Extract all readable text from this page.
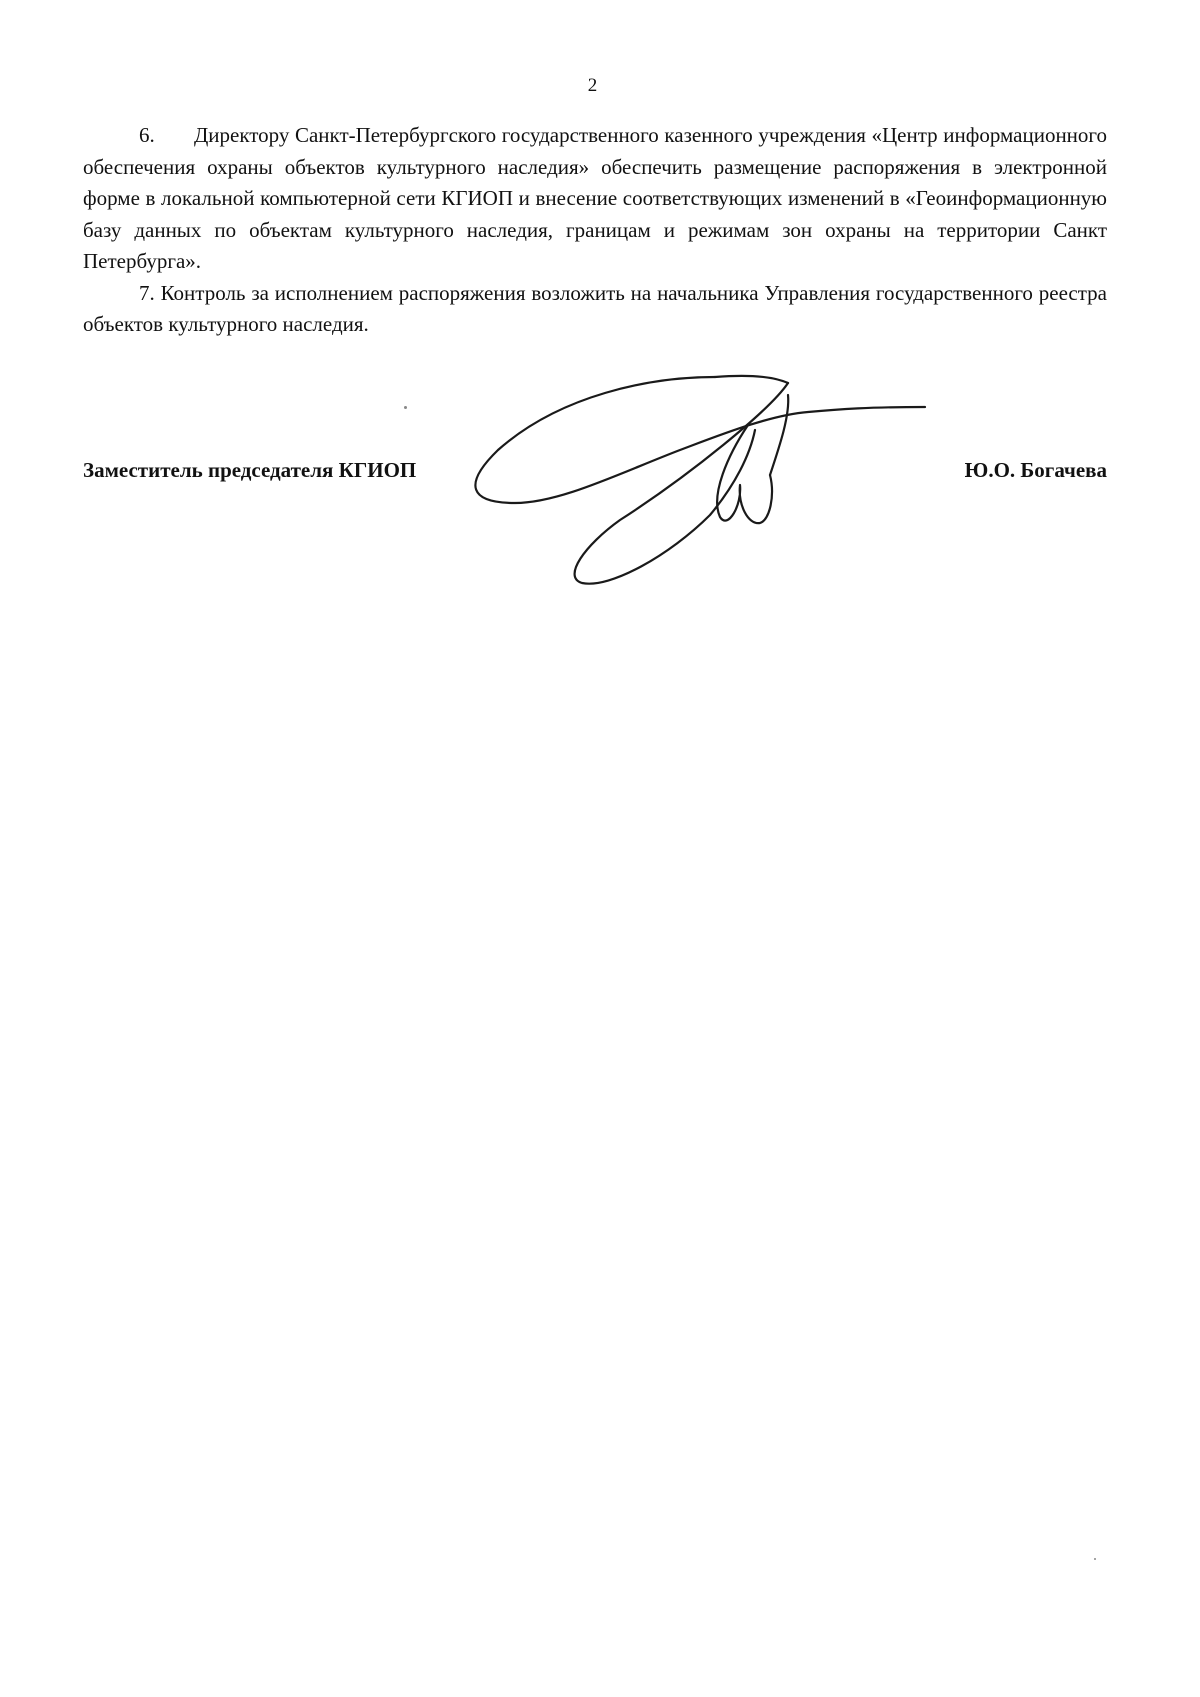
2

6. Директору Санкт-Петербургского государственного казенного учреждения «Центр информационного обеспечения охраны объектов культурного наследия» обеспечить размещение распоряжения в электронной форме в локальной компьютерной сети КГИОП и внесение соответствующих изменений в «Геоинформационную базу данных по объектам культурного наследия, границам и режимам зон охраны на территории Санкт Петербурга».

7. Контроль за исполнением распоряжения возложить на начальника Управления государственного реестра объектов культурного наследия.

Заместитель председателя КГИОП	Ю.О. Богачева
